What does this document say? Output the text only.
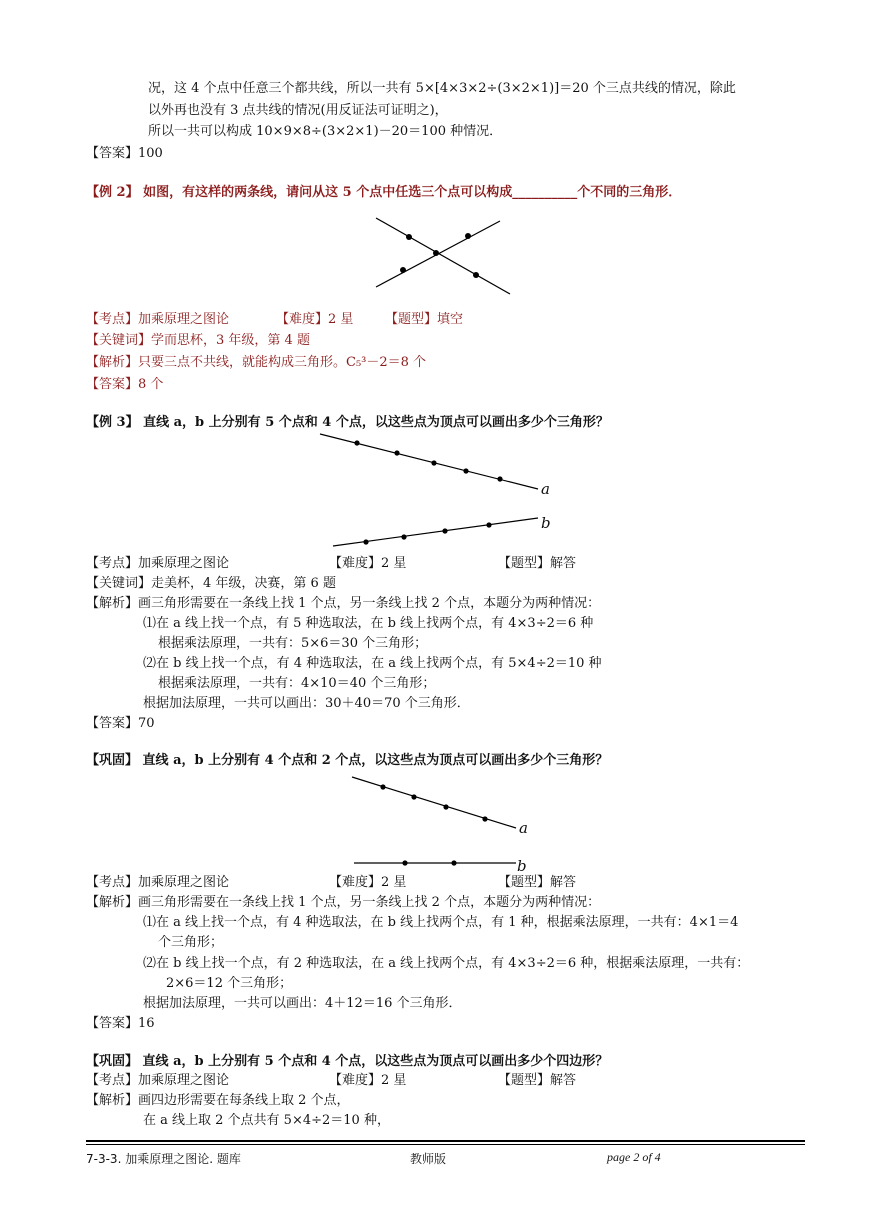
况，这 4 个点中任意三个都共线，所以一共有 5×[4×3×2÷(3×2×1)]＝20 个三点共线的情况，除此
以外再也没有 3 点共线的情况(用反证法可证明之)，
所以一共可以构成 10×9×8÷(3×2×1)－20＝100 种情况．
【答案】100
【例 2】 如图，有这样的两条线，请问从这 5 个点中任选三个点可以构成__________个不同的三角形．
【考点】加乘原理之图论	【难度】2 星 【题型】填空
【关键词】学而思杯，3 年级，第 4 题
【解析】只要三点不共线，就能构成三角形。C₅³－2＝8 个
【答案】8 个
【例 3】 直线 a，b 上分别有 5 个点和 4 个点，以这些点为顶点可以画出多少个三角形？
a
b
【考点】加乘原理之图论	【难度】2 星	【题型】解答
【关键词】走美杯，4 年级，决赛，第 6 题
【解析】画三角形需要在一条线上找 1 个点，另一条线上找 2 个点，本题分为两种情况：
⑴在 a 线上找一个点，有 5 种选取法，在 b 线上找两个点，有 4×3÷2＝6 种
根据乘法原理，一共有：5×6＝30 个三角形；
⑵在 b 线上找一个点，有 4 种选取法，在 a 线上找两个点，有 5×4÷2＝10 种
根据乘法原理，一共有：4×10＝40 个三角形；
根据加法原理，一共可以画出：30＋40＝70 个三角形．
【答案】70
【巩固】 直线 a，b 上分别有 4 个点和 2 个点，以这些点为顶点可以画出多少个三角形？
a
b
【考点】加乘原理之图论	【难度】2 星	【题型】解答
【解析】画三角形需要在一条线上找 1 个点，另一条线上找 2 个点，本题分为两种情况：
⑴在 a 线上找一个点，有 4 种选取法，在 b 线上找两个点，有 1 种，根据乘法原理，一共有：4×1＝4
个三角形；
⑵在 b 线上找一个点，有 2 种选取法，在 a 线上找两个点，有 4×3÷2＝6 种，根据乘法原理，一共有：
2×6＝12 个三角形；
根据加法原理，一共可以画出：4＋12＝16 个三角形．
【答案】16
【巩固】 直线 a，b 上分别有 5 个点和 4 个点，以这些点为顶点可以画出多少个四边形？
【考点】加乘原理之图论	【难度】2 星	【题型】解答
【解析】画四边形需要在每条线上取 2 个点，
在 a 线上取 2 个点共有 5×4÷2＝10 种，
7-3-3. 加乘原理之图论. 题库	教师版	page 2 of 4
